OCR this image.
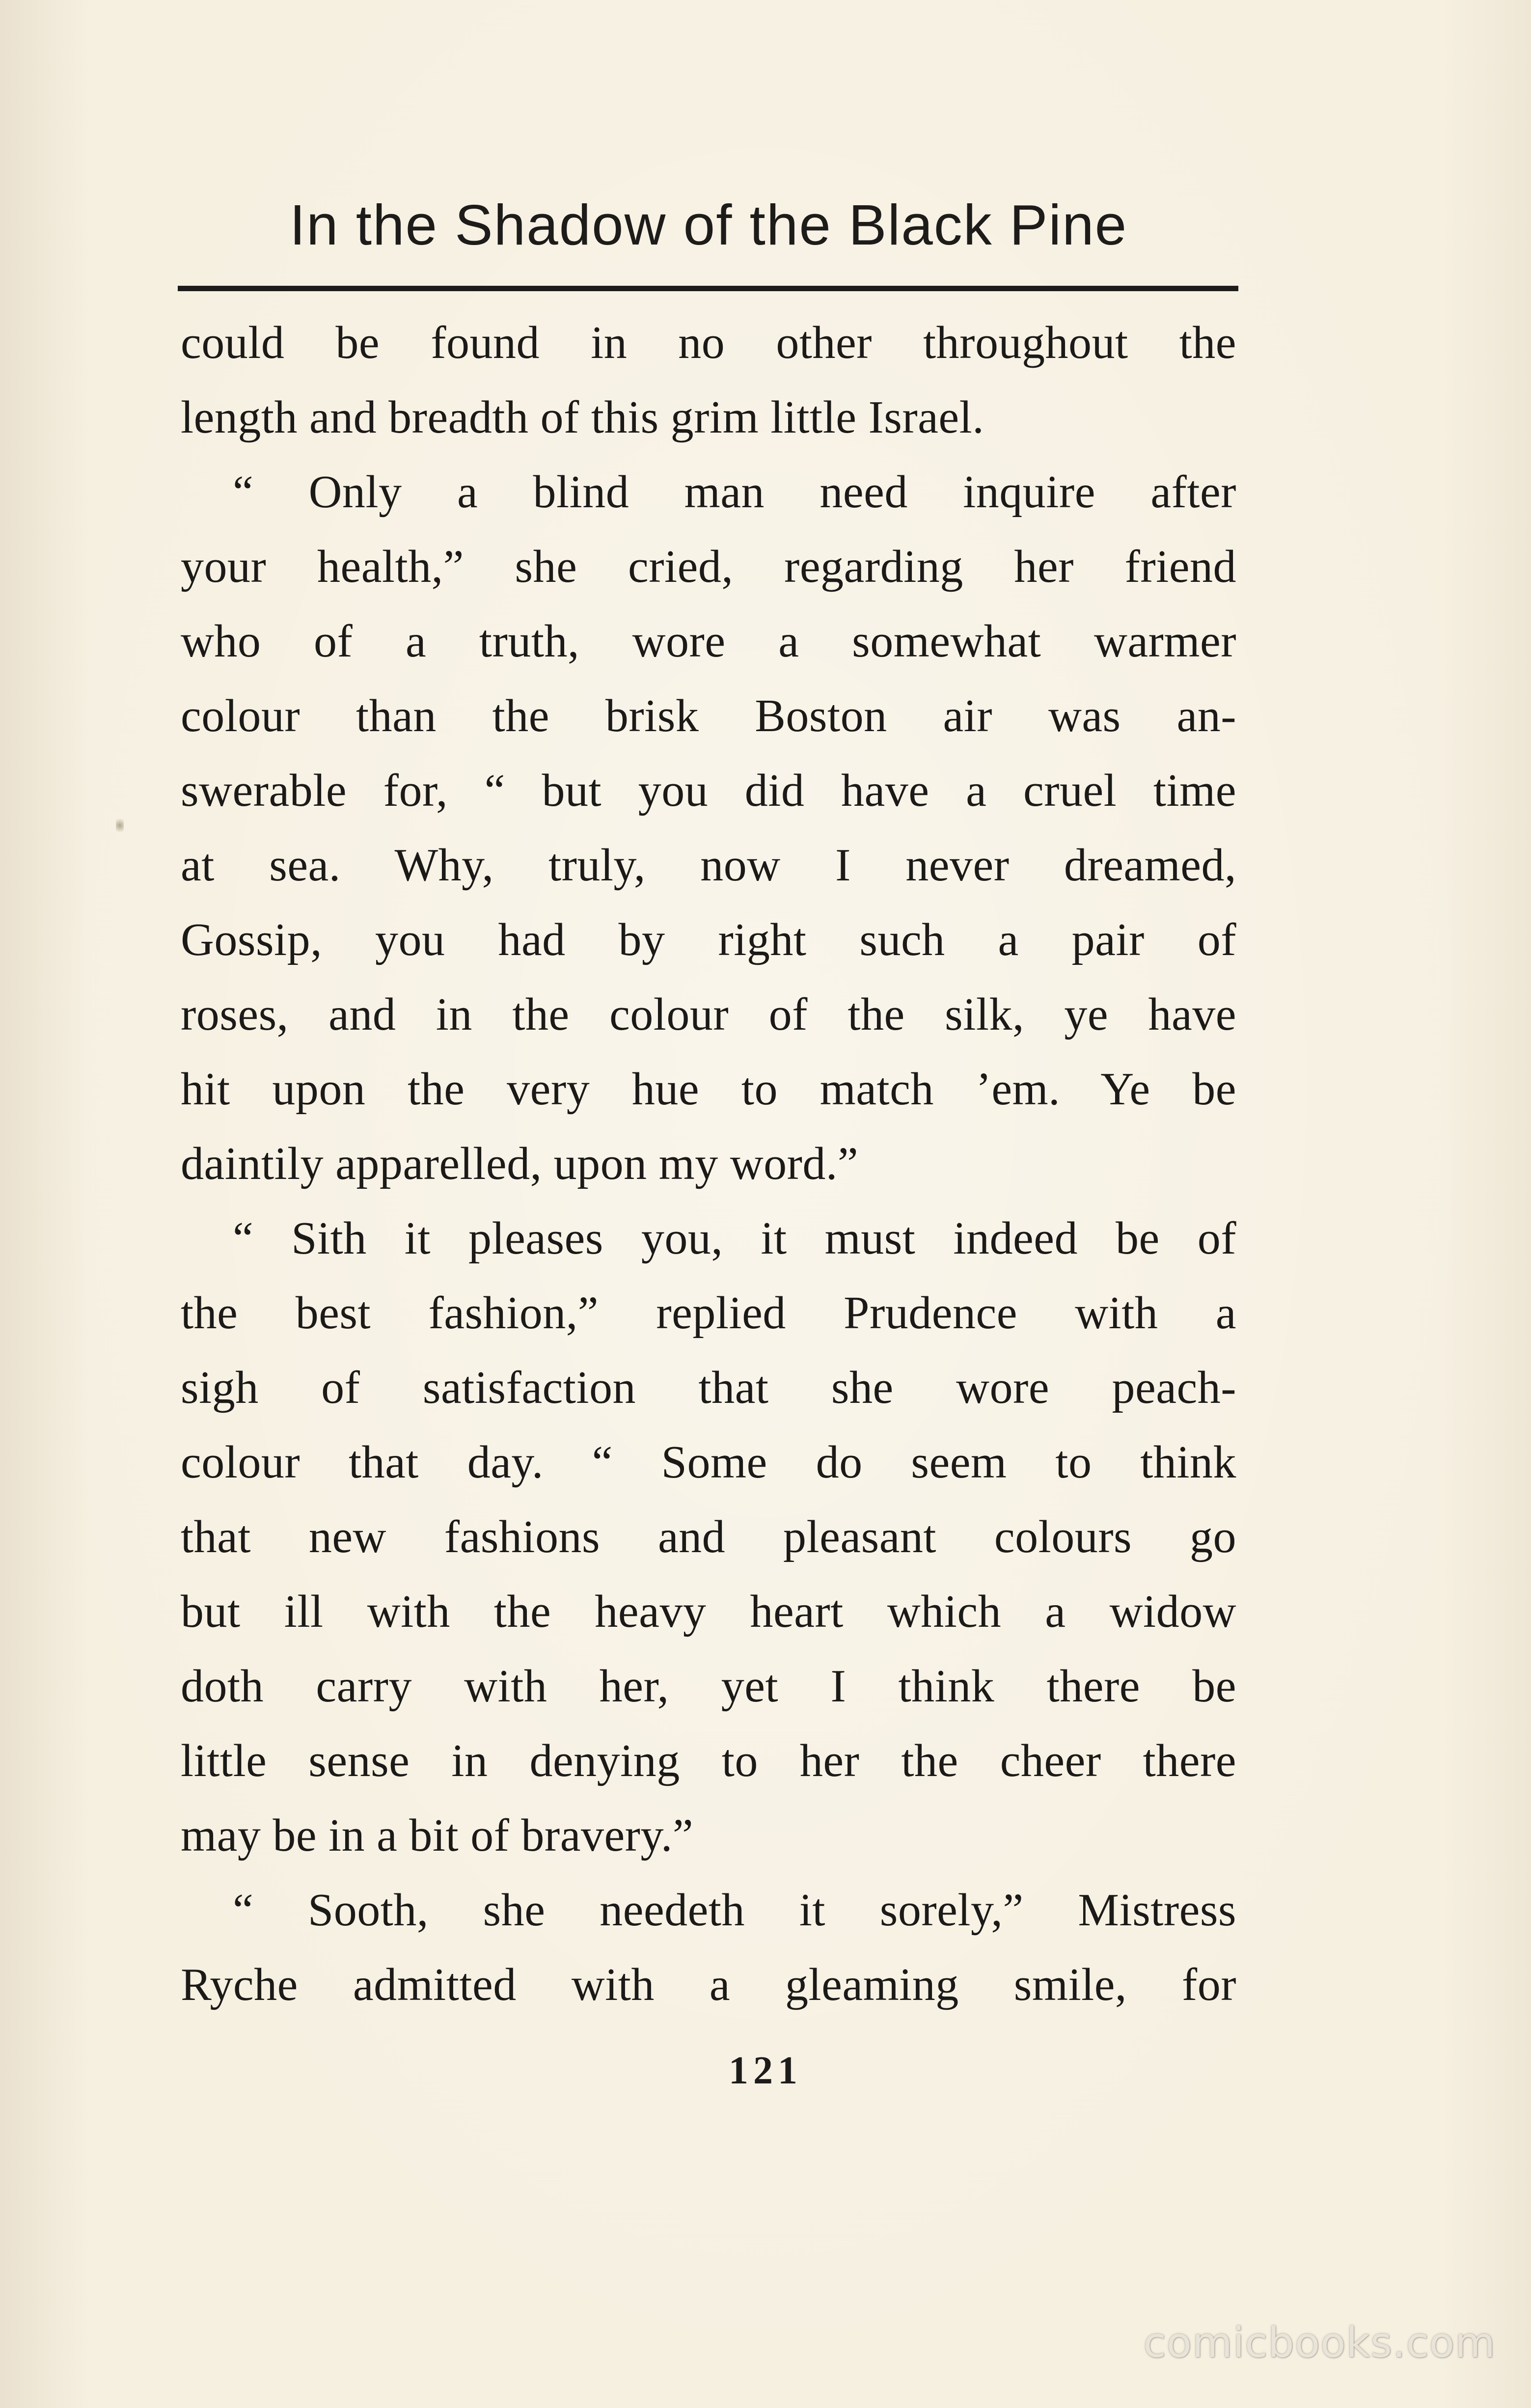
In the Shadow of the Black Pine
could be found in no other throughout the
length and breadth of this grim little Israel.
“ Only a blind man need inquire after
your health,” she cried, regarding her friend
who of a truth, wore a somewhat warmer
colour than the brisk Boston air was an-
swerable for, “ but you did have a cruel time
at sea. Why, truly, now I never dreamed,
Gossip, you had by right such a pair of
roses, and in the colour of the silk, ye have
hit upon the very hue to match ’em. Ye be
daintily apparelled, upon my word.”
“ Sith it pleases you, it must indeed be of
the best fashion,” replied Prudence with a
sigh of satisfaction that she wore peach-
colour that day. “ Some do seem to think
that new fashions and pleasant colours go
but ill with the heavy heart which a widow
doth carry with her, yet I think there be
little sense in denying to her the cheer there
may be in a bit of bravery.”
“ Sooth, she needeth it sorely,” Mistress
Ryche admitted with a gleaming smile, for
121
comicbooks.com
